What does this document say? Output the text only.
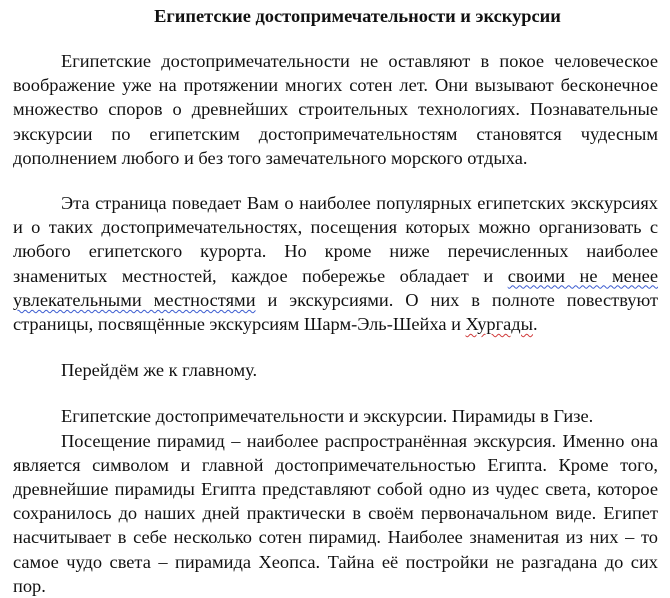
Египетские достопримечательности и экскурсии

Египетские достопримечательности не оставляют в покое человеческое воображение уже на протяжении многих сотен лет. Они вызывают бесконечное множество споров о древнейших строительных технологиях. Познавательные экскурсии по египетским достопримечательностям становятся чудесным дополнением любого и без того замечательного морского отдыха.

Эта страница поведает Вам о наиболее популярных египетских экскурсиях и о таких достопримечательностях, посещения которых можно организовать с любого египетского курорта. Но кроме ниже перечисленных наиболее знаменитых местностей, каждое побережье обладает и своими не менее увлекательными местностями и экскурсиями. О них в полноте повествуют страницы, посвящённые экскурсиям Шарм-Эль-Шейха и Хургады.

Перейдём же к главному.

Египетские достопримечательности и экскурсии. Пирамиды в Гизе.

Посещение пирамид – наиболее распространённая экскурсия. Именно она является символом и главной достопримечательностью Египта. Кроме того, древнейшие пирамиды Египта представляют собой одно из чудес света, которое сохранилось до наших дней практически в своём первоначальном виде. Египет насчитывает в себе несколько сотен пирамид. Наиболее знаменитая из них – то самое чудо света – пирамида Хеопса. Тайна её постройки не разгадана до сих пор.
